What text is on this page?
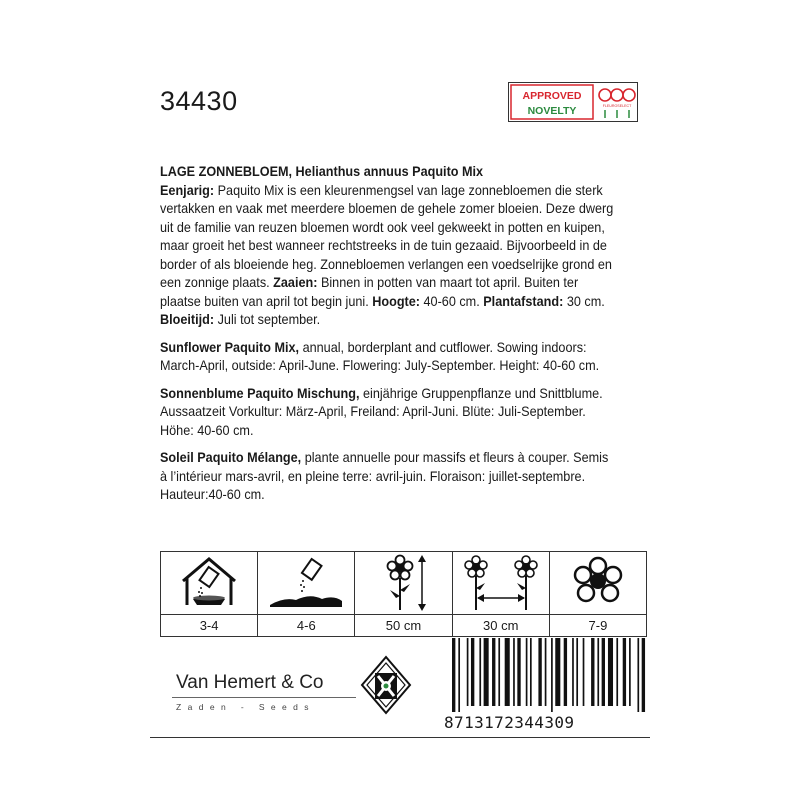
34430	APPROVED
NOVELTY	FLEUROSELECT

LAGE ZONNEBLOEM, Helianthus annuus Paquito Mix
Eenjarig: Paquito Mix is een kleurenmengsel van lage zonnebloemen die sterk vertakken en vaak met meerdere bloemen de gehele zomer bloeien. Deze dwerg uit de familie van reuzen bloemen wordt ook veel gekweekt in potten en kuipen, maar groeit het best wanneer rechtstreeks in de tuin gezaaid. Bijvoorbeeld in de border of als bloeiende heg. Zonnebloemen verlangen een voedselrijke grond en een zonnige plaats. Zaaien: Binnen in potten van maart tot april. Buiten ter plaatse buiten van april tot begin juni. Hoogte: 40-60 cm. Plantafstand: 30 cm. Bloeitijd: Juli tot september.

Sunflower Paquito Mix, annual, borderplant and cutflower. Sowing indoors: March-April, outside: April-June. Flowering: July-September. Height: 40-60 cm.

Sonnenblume Paquito Mischung, einjährige Gruppenpflanze und Snittblume. Aussaatzeit Vorkultur: März-April, Freiland: April-Juni. Blüte: Juli-September. Höhe: 40-60 cm.

Soleil Paquito Mélange, plante annuelle pour massifs et fleurs à couper. Semis à l’intérieur mars-avril, en pleine terre: avril-juin. Floraison: juillet-septembre. Hauteur:40-60 cm.

3-4	4-6	50 cm	30 cm	7-9
Van Hemert & Co
Zaden - Seeds
8713172344309
